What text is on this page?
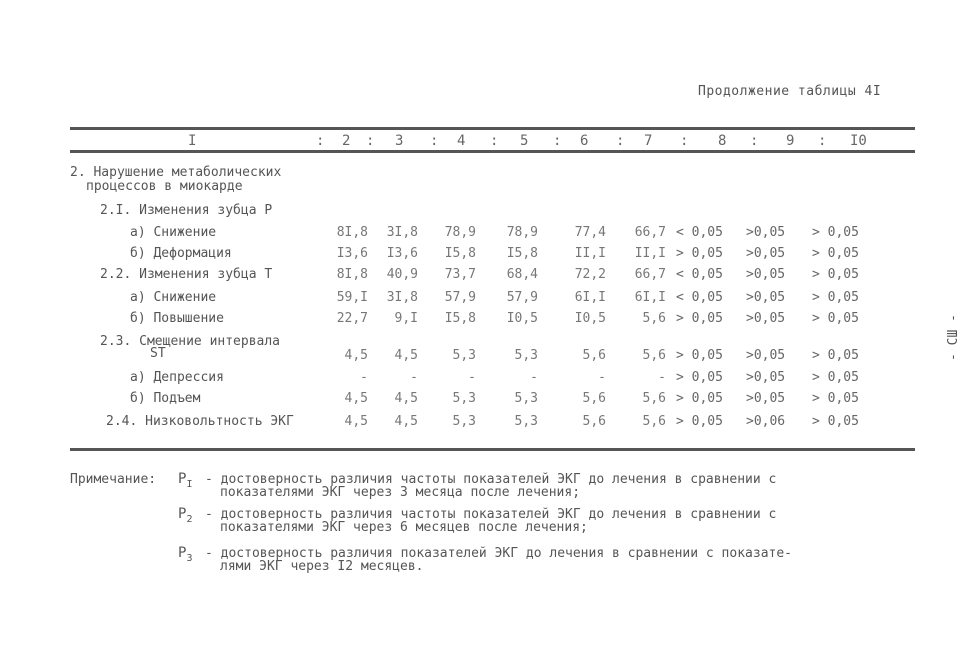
Продолжение таблицы 4I
I	: 2 : 3 : 4 : 5 : 6 : 7 : 8 : 9 : I0
2. Нарушение метаболических
процессов в миокарде
2.I. Изменения зубца Р
а) Снижение	8I,8	3I,8	78,9	78,9	77,4	66,7 < 0,05 >0,05 > 0,05
б) Деформация	I3,6	I3,6	I5,8	I5,8	II,I	II,I > 0,05 >0,05 > 0,05
2.2. Изменения зубца Т	8I,8	40,9	73,7	68,4	72,2	66,7 < 0,05 >0,05 > 0,05
а) Снижение	59,I	3I,8	57,9	57,9	6I,I	6I,I < 0,05 >0,05 > 0,05
б) Повышение	22,7	9,I	I5,8	I0,5	I0,5	5,6 > 0,05 >0,05 > 0,05
2.3. Смещение интервала
ST	4,5	4,5	5,3	5,3	5,6	5,6 > 0,05 >0,05 > 0,05
а) Депрессия	-	-	-	-	-	- > 0,05 >0,05 > 0,05
б) Подъем	4,5	4,5	5,3	5,3	5,6	5,6 > 0,05 >0,05 > 0,05
2.4. Низковольтность ЭКГ	4,5	4,5	5,3	5,3	5,6	5,6 > 0,05 >0,06 > 0,05
- СШ -
Примечание: $Р_I$ - достоверность различия частоты показателей ЭКГ до лечения в сравнении с
показателями ЭКГ через 3 месяца после лечения;
$Р_2$ - достоверность различия частоты показателей ЭКГ до лечения в сравнении с
показателями ЭКГ через 6 месяцев после лечения;
$Р_3$ - достоверность различия показателей ЭКГ до лечения в сравнении с показате-
лями ЭКГ через I2 месяцев.
